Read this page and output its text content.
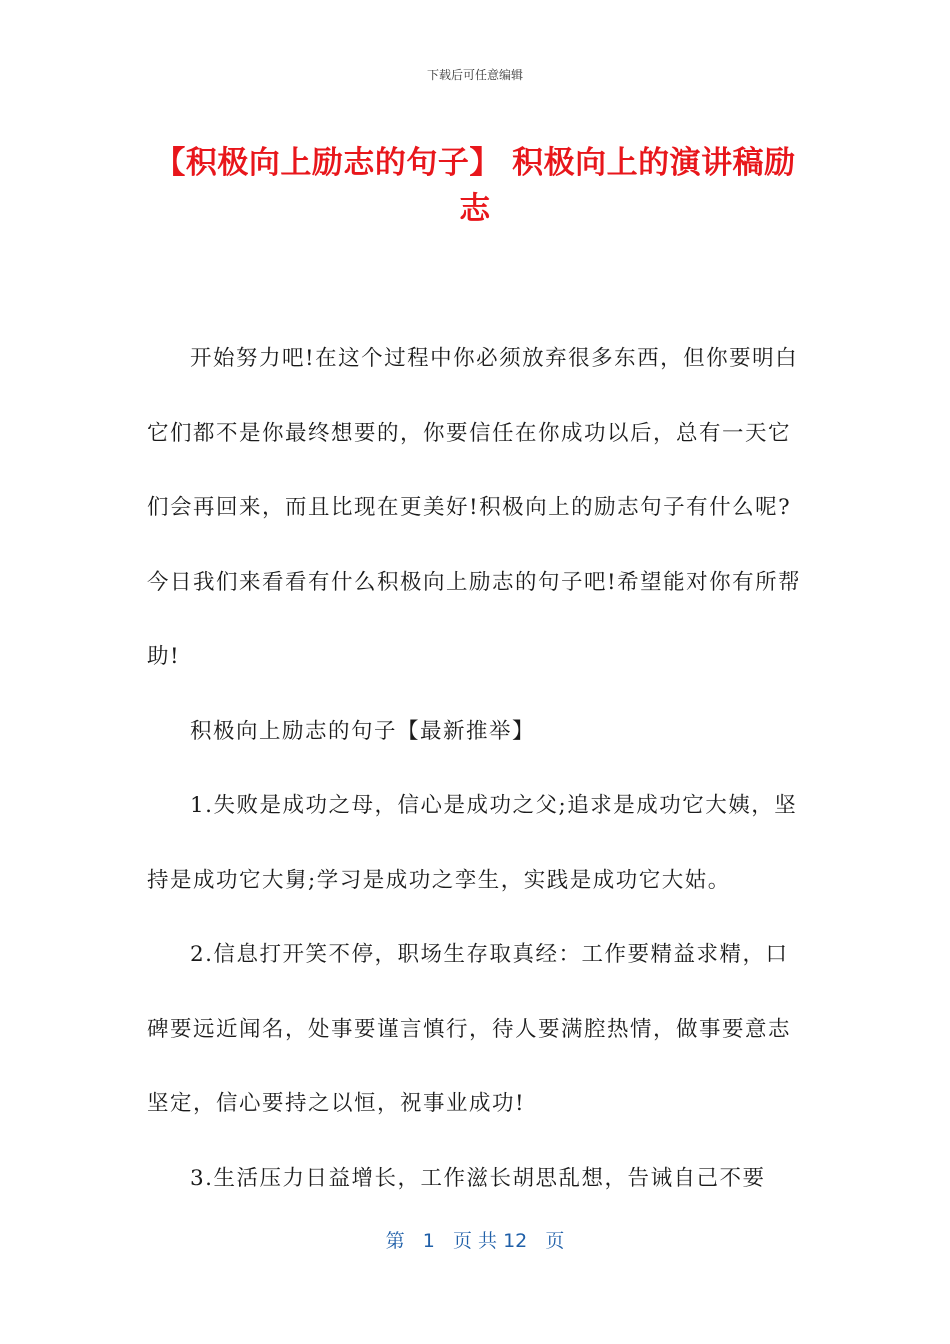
下载后可任意编辑
【积极向上励志的句子】 积极向上的演讲稿励志

开始努力吧!在这个过程中你必须放弃很多东西，但你要明白它们都不是你最终想要的，你要信任在你成功以后，总有一天它们会再回来，而且比现在更美好!积极向上的励志句子有什么呢?今日我们来看看有什么积极向上励志的句子吧!希望能对你有所帮助!

积极向上励志的句子【最新推举】

1.失败是成功之母，信心是成功之父;追求是成功它大姨，坚持是成功它大舅;学习是成功之孪生，实践是成功它大姑。

2.信息打开笑不停，职场生存取真经：工作要精益求精，口碑要远近闻名，处事要谨言慎行，待人要满腔热情，做事要意志坚定，信心要持之以恒，祝事业成功!

3.生活压力日益增长，工作滋长胡思乱想，告诫自己不要

第 1 页 共 12 页
